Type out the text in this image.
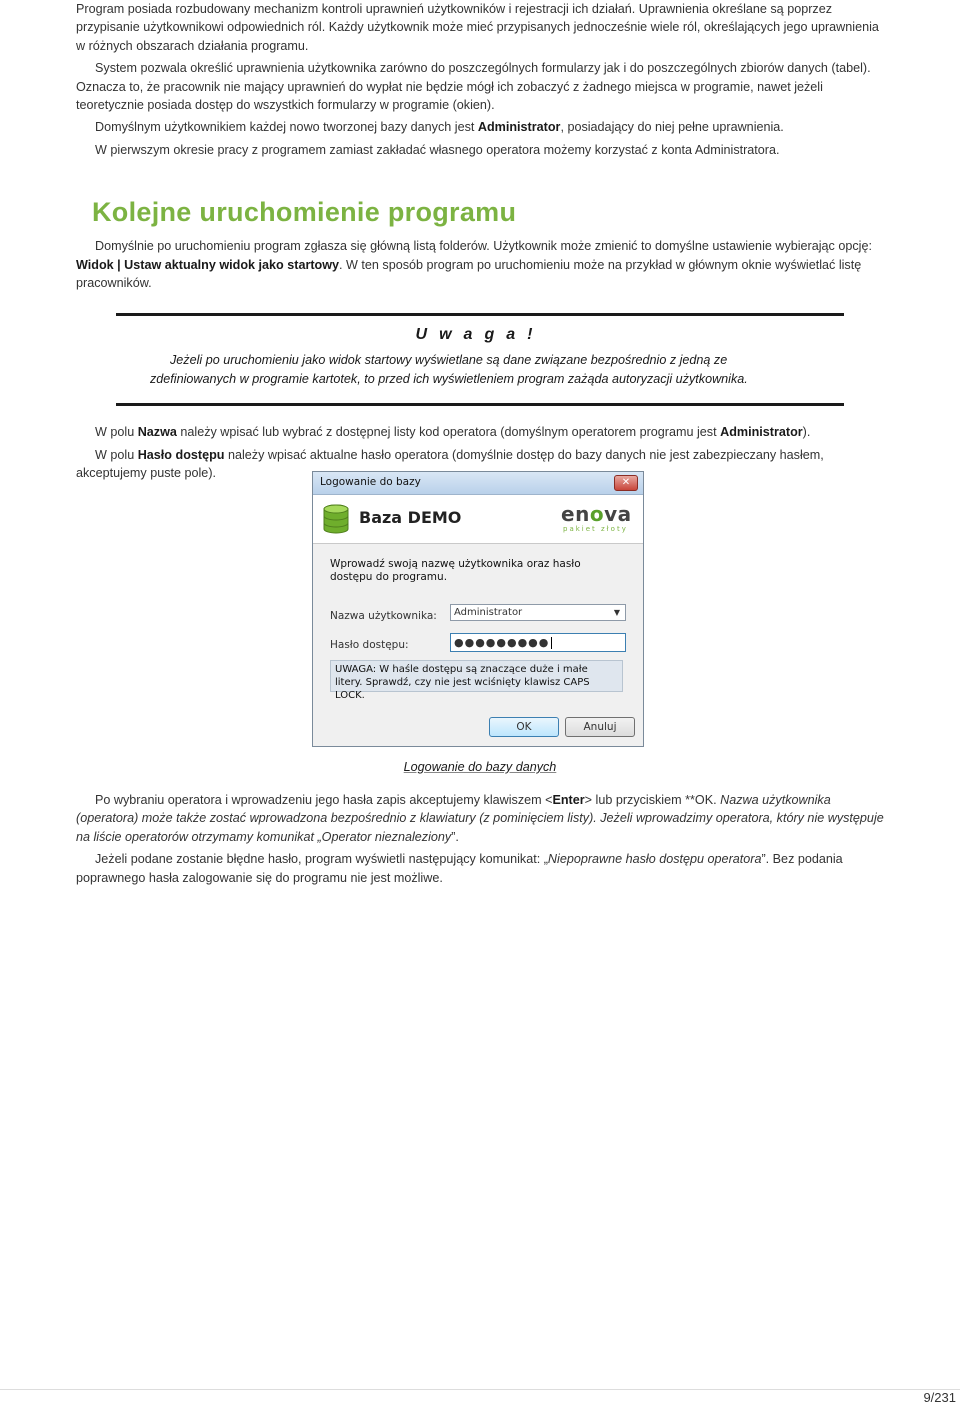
Program posiada rozbudowany mechanizm kontroli uprawnień użytkowników i rejestracji ich działań. Uprawnienia określane są poprzez przypisanie użytkownikowi odpowiednich ról. Każdy użytkownik może mieć przypisanych jednocześnie wiele ról, określających jego uprawnienia w różnych obszarach działania programu.

System pozwala określić uprawnienia użytkownika zarówno do poszczególnych formularzy jak i do poszczególnych zbiorów danych (tabel). Oznacza to, że pracownik nie mający uprawnień do wypłat nie będzie mógł ich zobaczyć z żadnego miejsca w programie, nawet jeżeli teoretycznie posiada dostęp do wszystkich formularzy w programie (okien).

Domyślnym użytkownikiem każdej nowo tworzonej bazy danych jest Administrator, posiadający do niej pełne uprawnienia.

W pierwszym okresie pracy z programem zamiast zakładać własnego operatora możemy korzystać z konta Administratora.

Kolejne uruchomienie programu

Domyślnie po uruchomieniu program zgłasza się główną listą folderów. Użytkownik może zmienić to domyślne ustawienie wybierając opcję: Widok | Ustaw aktualny widok jako startowy. W ten sposób program po uruchomieniu może na przykład w głównym oknie wyświetlać listę pracowników.

Uwaga!
Jeżeli po uruchomieniu jako widok startowy wyświetlane są dane związane bezpośrednio z jedną ze zdefiniowanych w programie kartotek, to przed ich wyświetleniem program zażąda autoryzacji użytkownika.

W polu Nazwa należy wpisać lub wybrać z dostępnej listy kod operatora (domyślnym operatorem programu jest Administrator).

W polu Hasło dostępu należy wpisać aktualne hasło operatora (domyślnie dostęp do bazy danych nie jest zabezpieczany hasłem, akceptujemy puste pole).

Logowanie do bazy	✕
Baza DEMO	enova
pakiet złoty
Wprowadź swoją nazwę użytkownika oraz hasło dostępu do programu.
Nazwa użytkownika:	Administrator	▼
Hasło dostępu:	●●●●●●●●●
UWAGA: W haśle dostępu są znaczące duże i małe litery. Sprawdź, czy nie jest wciśnięty klawisz CAPS LOCK.
OK	Anuluj
Logowanie do bazy danych

Po wybraniu operatora i wprowadzeniu jego hasła zapis akceptujemy klawiszem <Enter> lub przyciskiem **OK. Nazwa użytkownika (operatora) może także zostać wprowadzona bezpośrednio z klawiatury (z pominięciem listy). Jeżeli wprowadzimy operatora, który nie występuje na liście operatorów otrzymamy komunikat „Operator nieznaleziony”.

Jeżeli podane zostanie błędne hasło, program wyświetli następujący komunikat: „Niepoprawne hasło dostępu operatora”. Bez podania poprawnego hasła zalogowanie się do programu nie jest możliwe.

9/231
